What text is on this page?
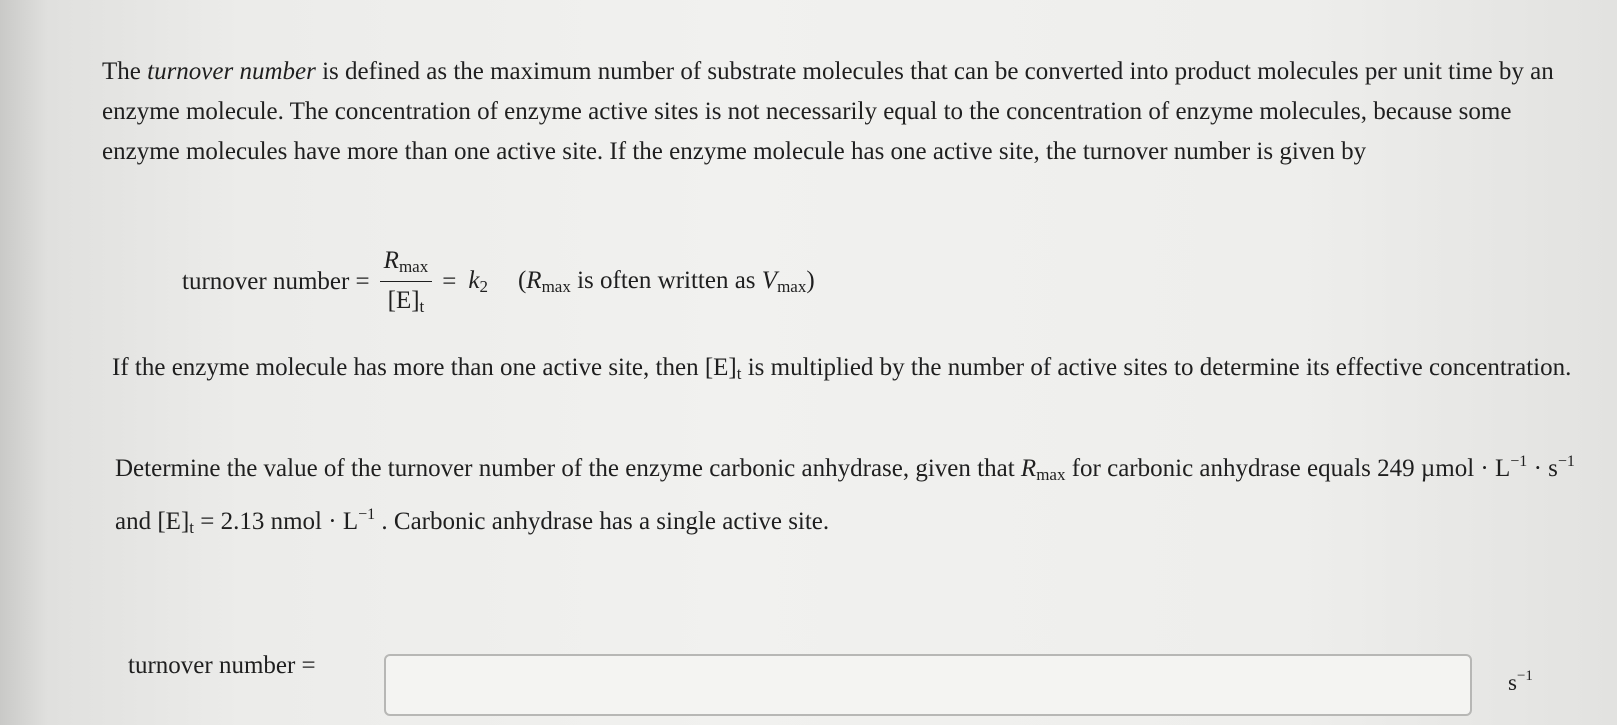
The turnover number is defined as the maximum number of substrate molecules that can be converted into product molecules per unit time by an enzyme molecule. The concentration of enzyme active sites is not necessarily equal to the concentration of enzyme molecules, because some enzyme molecules have more than one active site. If the enzyme molecule has one active site, the turnover number is given by

turnover number = $\frac{R_{max}}{[E]_t} = k_2$ ($R_{max}$ is often written as $V_{max}$)

If the enzyme molecule has more than one active site, then $[E]_t$ is multiplied by the number of active sites to determine its effective concentration.

Determine the value of the turnover number of the enzyme carbonic anhydrase, given that $R_{max}$ for carbonic anhydrase equals 249 $\mu mol \cdot L^{-1} \cdot s^{-1}$ and $[E]_t = 2.13$ nmol · $L^{-1}$ . Carbonic anhydrase has a single active site.

turnover number =
$s^{-1}$
